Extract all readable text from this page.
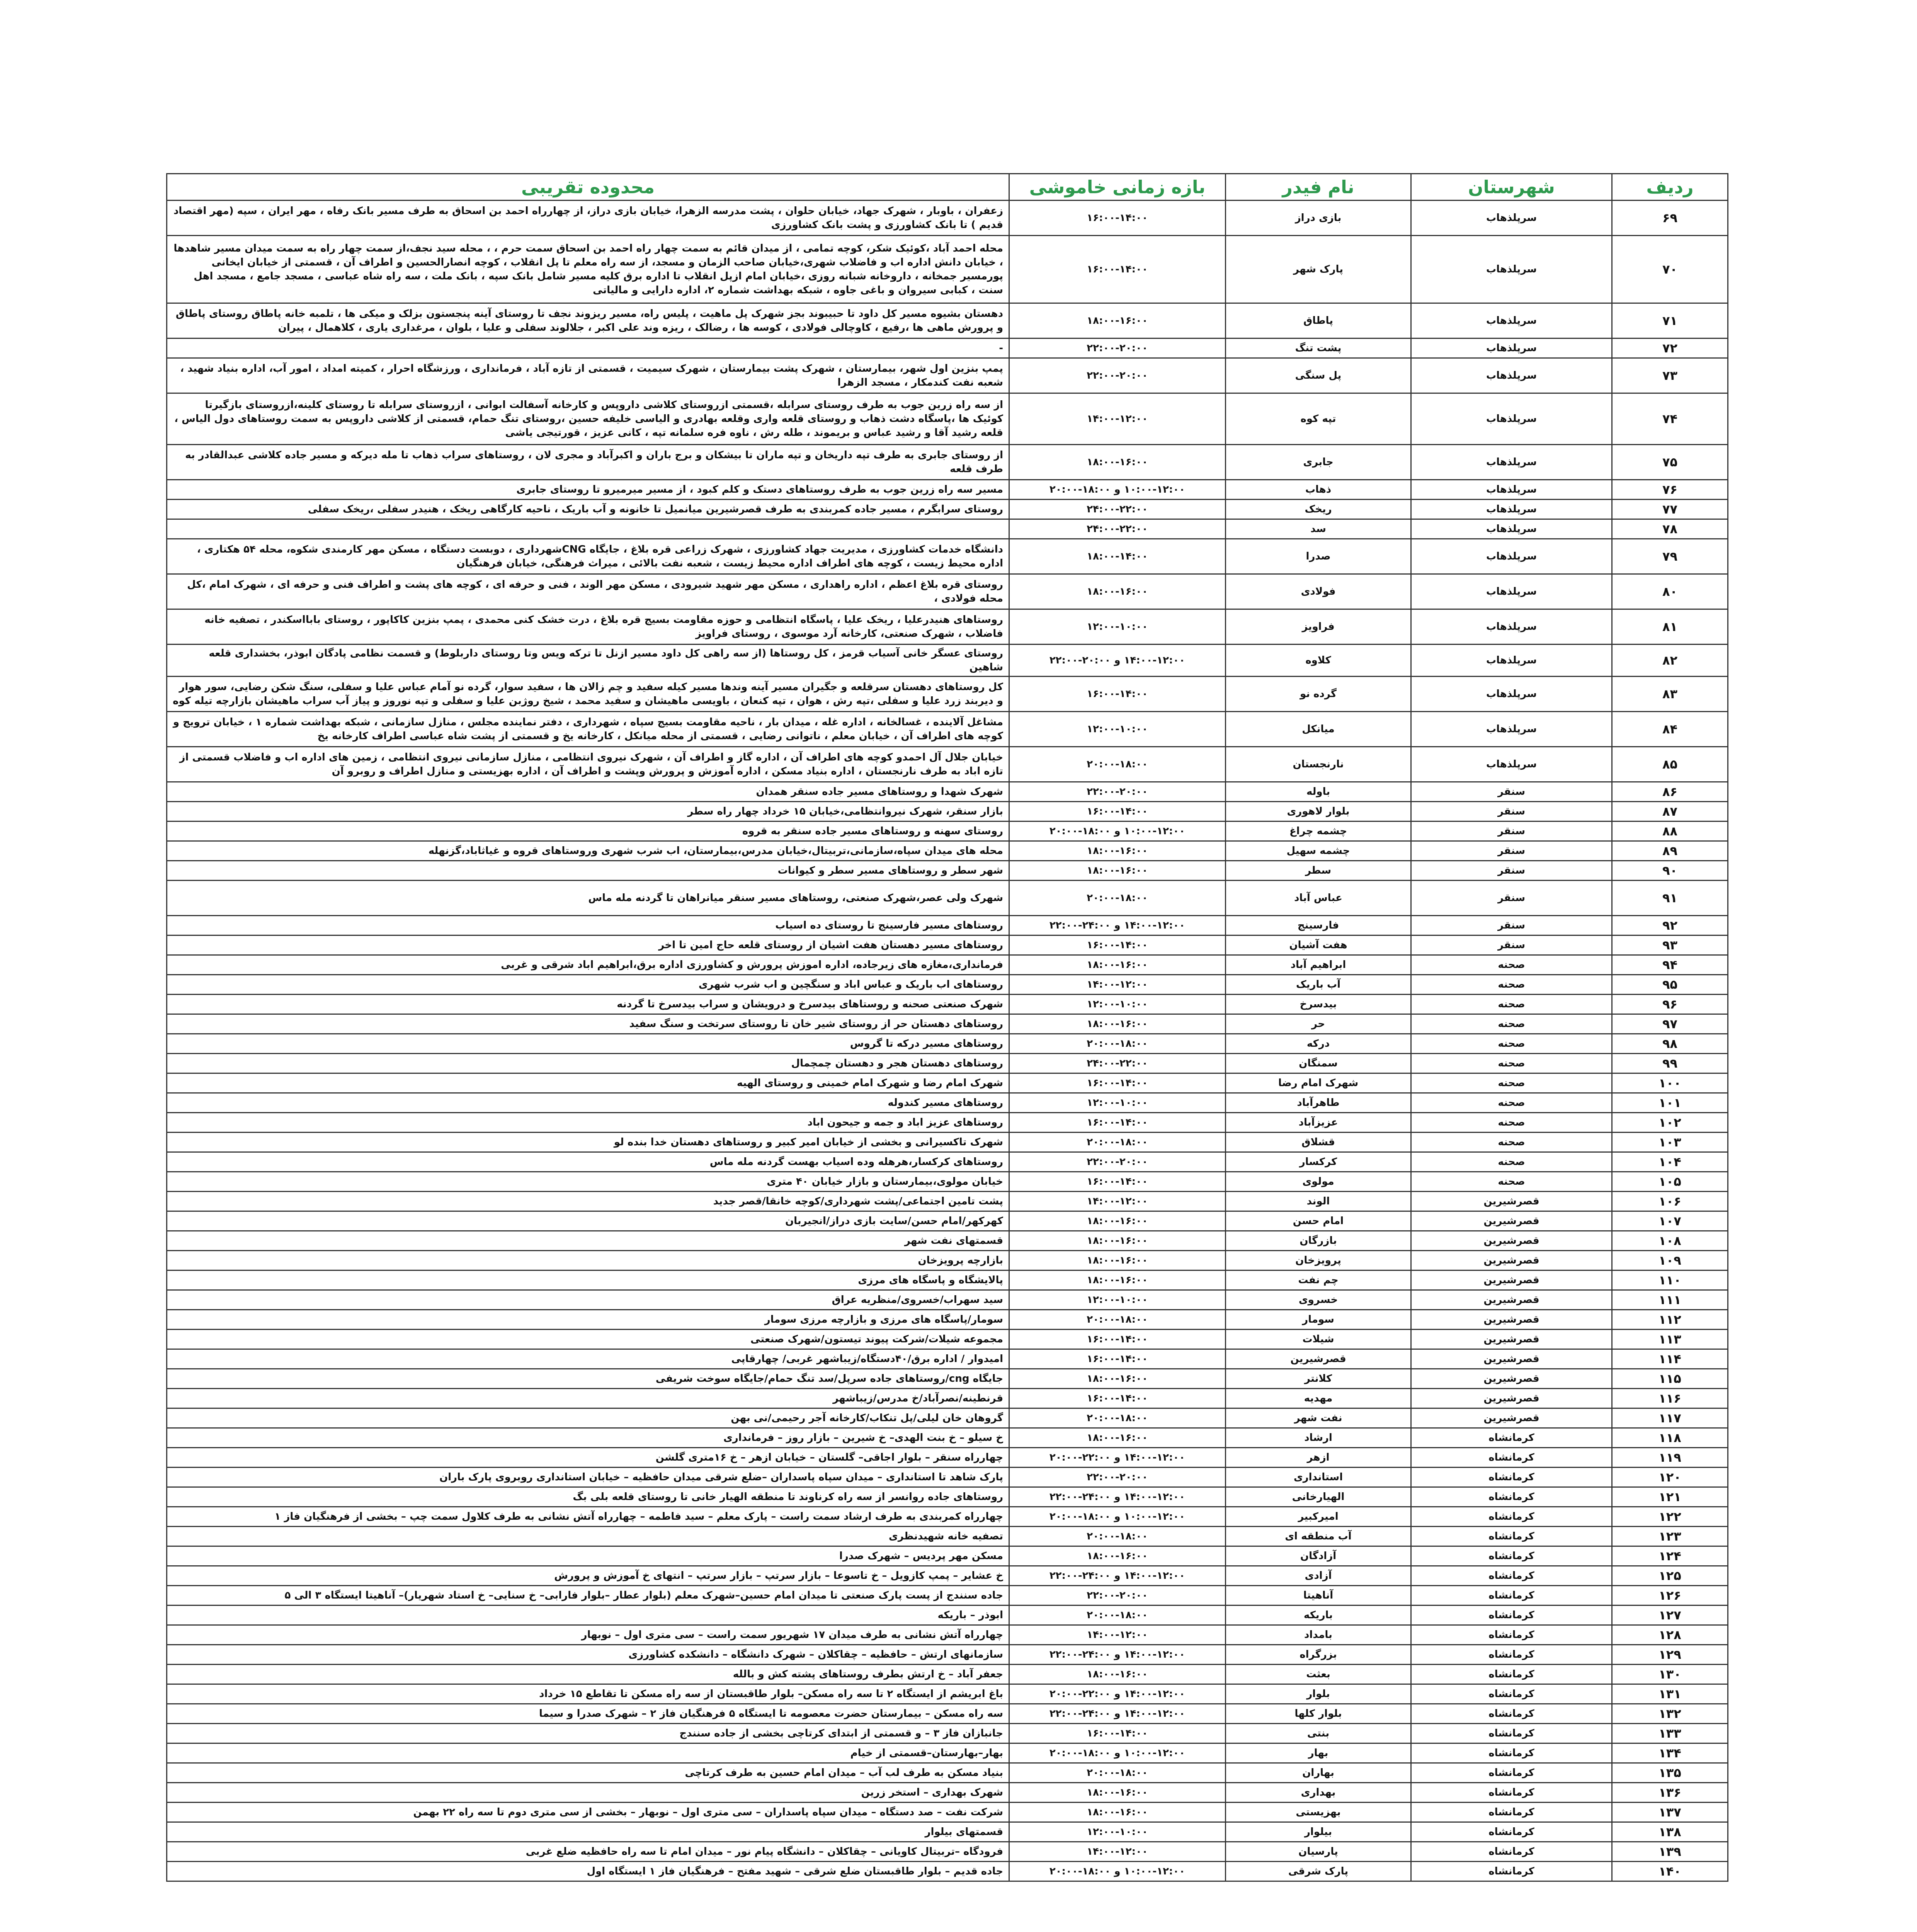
ردیف	شهرستان	نام فیدر	بازه زمانی خاموشی	محدوده تقریبی
۶۹	سرپلذهاب	بازی دراز	۱۶:۰۰-۱۴:۰۰	زعفران ، باوبار ، شهرک جهاد، خیابان حلوان ، پشت مدرسه الزهرا، خیابان بازی دراز، از چهارراه احمد بن اسحاق به طرف مسیر بانک رفاه ، مهر ایران ، سپه (مهر اقتصاد قدیم ) تا بانک کشاورزی و پشت بانک کشاورزی
۷۰	سرپلذهاب	پارک شهر	۱۶:۰۰-۱۴:۰۰	محله احمد آباد ،کوئیک شکر، کوچه تمامی ، از میدان قائم به سمت چهار راه احمد بن اسحاق سمت حرم ، ، محله سید نجف،از سمت چهار راه به سمت میدان مسیر شاهدها ، خیابان دانش اداره اب و فاضلاب شهری،خیابان صاحب الزمان و مسجد، از سه راه معلم تا پل انقلاب ، کوچه انصارالحسین و اطراف آن ، قسمتی از خیابان ایخانی پورمسیر جمخانه ، داروخانه شبانه روزی ،خیابان امام ازپل انقلاب تا اداره برق کلیه مسیر شامل بانک سپه ، بانک ملت ، سه راه شاه عباسی ، مسجد جامع ، مسجد اهل سنت ، کبابی سیروان و باغی جاوه ، شبکه بهداشت شماره ۲، اداره دارایی و مالیاتی
۷۱	سرپلذهاب	پاطاق	۱۸:۰۰-۱۶:۰۰	دهستان بشیوه مسیر کل داود تا حبیبوند بجز شهرک پل ماهیت ، پلیس راه، مسیر ریزوند نجف تا روستای آینه پنجستون بزلک و میکی ها ، تلمبه خانه پاطاق روستای پاطاق و پرورش ماهی ها ،رفیع ، کاوچالی فولادی ، کوسه ها ، رضالک ، ریزه وند علی اکبر ، جلالوند سفلی و علیا ، بلوان ، مرغداری یاری ، کلاهمال ، پیران
۷۲	سرپلذهاب	پشت تنگ	۲۲:۰۰-۲۰:۰۰	-
۷۳	سرپلذهاب	پل سنگی	۲۲:۰۰-۲۰:۰۰	پمپ بنزین اول شهر، بیمارستان ، شهرک پشت بیمارستان ، شهرک سیمیت ، قسمتی از تازه آباد ، فرمانداری ، ورزشگاه احرار ، کمیته امداد ، امور آب، اداره بنیاد شهید ، شعبه نفت کندمکار ، مسجد الزهرا
۷۴	سرپلذهاب	تپه کوه	۱۴:۰۰-۱۲:۰۰	از سه راه زرین جوب به طرف روستای سرابله ،قسمتی ازروستای کلاشی داروپس و کارخانه آسفالت ابوانی ، ازروستای سرابله تا روستای کلینه،ازروستای بازگیرتا کوئیک ها ،پاسگاه دشت ذهاب و روستای قلعه واری وقلعه بهادری و الیاسی خلیفه حسین ،روستای تنگ حمام، قسمتی از کلاشی داروپس به سمت روستاهای دول الیاس ، قلعه رشید آقا و رشید عباس و بریموند ، طله رش ، ناوه فره سلمانه تپه ، کانی عزیز ، قورتیجی یاشی
۷۵	سرپلذهاب	جابری	۱۸:۰۰-۱۶:۰۰	از روستای جابری به طرف تپه داریخان و تپه ماران تا بیشکان و برج باران و اکبرآباد و مجری لان ، روستاهای سراب ذهاب تا مله دیرکه و مسیر جاده کلاشی عبدالقادر به طرف قلعه
۷۶	سرپلذهاب	ذهاب	۱۰:۰۰-۱۲:۰۰ و ۱۸:۰۰-۲۰:۰۰	مسیر سه راه زرین جوب به طرف روستاهای دستک و کلم کبود ، از مسیر میرمیرو تا روستای جابری
۷۷	سرپلذهاب	ریخک	۲۴:۰۰-۲۲:۰۰	روستای سرابگرم ، مسیر جاده کمربندی به طرف قصرشیرین میانمیل تا خانونه و آب باریک ، ناحیه کارگاهی ریخک ، هنیدر سفلی ،ریخک سفلی
۷۸	سرپلذهاب	سد	۲۴:۰۰-۲۲:۰۰	
۷۹	سرپلذهاب	صدرا	۱۸:۰۰-۱۴:۰۰	دانشگاه خدمات کشاورزی ، مدیریت جهاد کشاورزی ، شهرک زراعی قره بلاغ ، جایگاه CNGشهرداری ، دوبست دستگاه ، مسکن مهر کارمندی شکوه، محله ۵۴ هکتاری ، اداره محیط زیست ، کوچه های اطراف اداره محیط زیست ، شعبه نفت بالائی ، میراث فرهنگی، خیابان فرهنگیان
۸۰	سرپلذهاب	فولادی	۱۸:۰۰-۱۶:۰۰	روستای قره بلاغ اعظم ، اداره راهداری ، مسکن مهر شهید شیرودی ، مسکن مهر الوند ، فنی و حرفه ای ، کوچه های پشت و اطراف فنی و حرفه ای ، شهرک امام ،کل محله فولادی ،
۸۱	سرپلذهاب	فراویز	۱۲:۰۰-۱۰:۰۰	روستاهای هنیدرعلیا ، ریخک علیا ، پاسگاه انتظامی و حوزه مقاومت بسیج قره بلاغ ، درت خشک کنی محمدی ، پمپ بنزین کاکاپور ، روستای بابااسکندر ، تصفیه خانه فاضلاب ، شهرک صنعتی، کارخانه آرد موسوی ، روستای فراویز
۸۲	سرپلذهاب	کلاوه	۱۴:۰۰-۱۲:۰۰ و ۲۰:۰۰-۲۲:۰۰	روستای عسگر خانی آسیاب قرمز ، کل روستاها (از سه راهی کل داود مسیر ازنل تا ترکه ویس وتا روستای داربلوط) و قسمت نظامی پادگان ابوذر، بخشداری قلعه شاهین
۸۳	سرپلذهاب	گرده نو	۱۶:۰۰-۱۴:۰۰	کل روستاهای دهستان سرقلعه و جگیران مسیر آینه وندها مسیر کیله سفید و چم زالان ها ، سفید سوار، گرده نو آمام عباس علیا و سفلی، سنگ شکن رضایی، سور هوار و دیربند زرد علیا و سفلی ،تپه رش ، هوان ، تپه کنعان ، باویسی ماهیشان و سفید محمد ، شیخ روژبن علیا و سفلی و تپه نوروز و پیاز آب سراب ماهیشان بازارچه تیله کوه
۸۴	سرپلذهاب	میانکل	۱۲:۰۰-۱۰:۰۰	مشاغل آلاینده ، غسالخانه ، اداره غله ، میدان بار ، ناحیه مقاومت بسیج سپاه ، شهرداری ، دفتر نماینده مجلس ، منازل سازمانی ، شبکه بهداشت شماره ۱ ، خیابان ترویج و کوچه های اطراف آن ، خیابان معلم ، ناتوانی رضایی ، قسمتی از محله میانکل ، کارخانه یخ و قسمتی از پشت شاه عباسی اطراف کارخانه یخ
۸۵	سرپلذهاب	نارنجستان	۲۰:۰۰-۱۸:۰۰	خیابان جلال آل احمدو کوچه های اطراف آن ، اداره گاز و اطراف آن ، شهرک نیروی انتظامی ، منازل سازمانی نیروی انتظامی ، زمین های اداره اب و فاضلاب قسمتی از تازه اباد به طرف نارنجستان ، اداره بنیاد مسکن ، اداره آموزش و پرورش وپشت و اطراف آن ، اداره بهزیستی و منازل اطراف و روبرو آن
۸۶	سنقر	باوله	۲۲:۰۰-۲۰:۰۰	شهرک شهدا و روستاهای مسیر جاده سنقر همدان
۸۷	سنقر	بلوار لاهوری	۱۶:۰۰-۱۴:۰۰	بازار سنقر، شهرک نیروانتظامی،خیابان ۱۵ خرداد چهار راه سطر
۸۸	سنقر	چشمه چراغ	۱۰:۰۰-۱۲:۰۰ و ۱۸:۰۰-۲۰:۰۰	روستای سهنه و روستاهای مسیر جاده سنقر به قروه
۸۹	سنقر	چشمه سهیل	۱۸:۰۰-۱۶:۰۰	محله های میدان سپاه،سازمانی،تربیتال،خیابان مدرس،بیمارستان، اب شرب شهری وروستاهای قروه و غیاثاباد،گزنهله
۹۰	سنقر	سطر	۱۸:۰۰-۱۶:۰۰	شهر سطر و روستاهای مسیر سطر و کیوانات
۹۱	سنقر	عباس آباد	۲۰:۰۰-۱۸:۰۰	شهرک ولی عصر،شهرک صنعتی، روستاهای مسیر سنقر میانراهان تا گردنه مله ماس
۹۲	سنقر	فارسینج	۱۴:۰۰-۱۲:۰۰ و ۲۴:۰۰-۲۲:۰۰	روستاهای مسیر فارسینج تا روستای ده اسیاب
۹۳	سنقر	هفت آشیان	۱۶:۰۰-۱۴:۰۰	روستاهای مسیر دهستان هفت اشیان از روستای قلعه حاج امین تا اخر
۹۴	صحنه	ابراهیم آباد	۱۸:۰۰-۱۶:۰۰	فرمانداری،مغازه های زیرجاده، اداره اموزش پرورش و کشاورزی اداره برق،ابراهیم اباد شرقی و غربی
۹۵	صحنه	آب باریک	۱۴:۰۰-۱۲:۰۰	روستاهای اب باریک و عباس اباد و سنگچین و اب شرب شهری
۹۶	صحنه	بیدسرخ	۱۲:۰۰-۱۰:۰۰	شهرک صنعتی صحنه و روستاهای بیدسرخ و درویشان و سراب بیدسرخ تا گردنه
۹۷	صحنه	حر	۱۸:۰۰-۱۶:۰۰	روستاهای دهستان حر از روستای شیر خان تا روستای سرتخت و سنگ سفید
۹۸	صحنه	درکه	۲۰:۰۰-۱۸:۰۰	روستاهای مسیر درکه تا گروس
۹۹	صحنه	سمنگان	۲۴:۰۰-۲۲:۰۰	روستاهای دهستان هجر و دهستان چمچمال
۱۰۰	صحنه	شهرک امام رضا	۱۶:۰۰-۱۴:۰۰	شهرک امام رضا و شهرک امام خمینی و روستای الهیه
۱۰۱	صحنه	طاهرآباد	۱۲:۰۰-۱۰:۰۰	روستاهای مسیر کندوله
۱۰۲	صحنه	عزیزآباد	۱۶:۰۰-۱۴:۰۰	روستاهای عزیز اباد و جمه و جیحون اباد
۱۰۳	صحنه	قشلاق	۲۰:۰۰-۱۸:۰۰	شهرک تاکسیرانی و بخشی از خیابان امیر کبیر و روستاهای دهستان خدا بنده لو
۱۰۴	صحنه	کرکسار	۲۲:۰۰-۲۰:۰۰	روستاهای کرکسار،هرهله وده اسیاب بهست گردنه مله ماس
۱۰۵	صحنه	مولوی	۱۶:۰۰-۱۴:۰۰	خیابان مولوی،بیمارستان و بازار خیابان ۴۰ متری
۱۰۶	قصرشیرین	الوند	۱۴:۰۰-۱۲:۰۰	پشت تامین اجتماعی/پشت شهرداری/کوچه خانقا/قصر جدید
۱۰۷	قصرشیرین	امام حسن	۱۸:۰۰-۱۶:۰۰	کهرکهر/امام حسن/سایت بازی دراز/انجیربان
۱۰۸	قصرشیرین	بازرگان	۱۸:۰۰-۱۶:۰۰	قسمتهای نفت شهر
۱۰۹	قصرشیرین	پرویزخان	۱۸:۰۰-۱۶:۰۰	بازارچه پرویزخان
۱۱۰	قصرشیرین	چم نفت	۱۸:۰۰-۱۶:۰۰	پالایشگاه و پاسگاه های مرزی
۱۱۱	قصرشیرین	خسروی	۱۲:۰۰-۱۰:۰۰	سید سهراب/خسروی/منظریه عراق
۱۱۲	قصرشیرین	سومار	۲۰:۰۰-۱۸:۰۰	سومار/پاسگاه های مرزی و بازارچه مرزی سومار
۱۱۳	قصرشیرین	شیلات	۱۶:۰۰-۱۴:۰۰	مجموعه شیلات/شرکت پیوند تیستون/شهرک صنعتی
۱۱۴	قصرشیرین	قصرشیرین	۱۶:۰۰-۱۴:۰۰	امیدوار / اداره برق/۴۰دستگاه/زیباشهر غربی/ چهارقاپی
۱۱۵	قصرشیرین	کلانتر	۱۸:۰۰-۱۶:۰۰	جایگاه cng/روستاهای جاده سرپل/سد تنگ حمام/جایگاه سوخت شریفی
۱۱۶	قصرشیرین	مهدیه	۱۶:۰۰-۱۴:۰۰	قرنطینه/نصرآباد/خ مدرس/زیباشهر
۱۱۷	قصرشیرین	نفت شهر	۲۰:۰۰-۱۸:۰۰	گروهان خان لیلی/پل تنکاب/کارخانه آجر رحیمی/نی بهن
۱۱۸	کرمانشاه	ارشاد	۱۸:۰۰-۱۶:۰۰	خ سیلو – خ بنت الهدی– خ شیرین – بازار روز – فرمانداری
۱۱۹	کرمانشاه	ازهر	۱۴:۰۰-۱۲:۰۰ و ۲۲:۰۰-۲۰:۰۰	چهارراه سنقر – بلوار اجاقی– گلستان – خیابان ازهر – خ ۱۶متری گلشن
۱۲۰	کرمانشاه	استانداری	۲۲:۰۰-۲۰:۰۰	پارک شاهد تا استانداری – میدان سپاه پاسداران –ضلع شرقی میدان حافظیه – خیابان استانداری روبروی پارک باران
۱۲۱	کرمانشاه	الهیارخانی	۱۴:۰۰-۱۲:۰۰ و ۲۴:۰۰-۲۲:۰۰	روستاهای جاده روانسر از سه راه کرناوند تا منطقه الهیار خانی تا روستای قلعه بلی بگ
۱۲۲	کرمانشاه	امیرکبیر	۱۰:۰۰-۱۲:۰۰ و ۱۸:۰۰-۲۰:۰۰	چهارراه کمربندی به طرف ارشاد سمت راست – پارک معلم – سید فاطمه – چهارراه آتش نشانی به طرف کلاول سمت چپ – بخشی از فرهنگیان فاز ۱
۱۲۳	کرمانشاه	آب منطقه ای	۲۰:۰۰-۱۸:۰۰	تصفیه خانه شهیدنظری
۱۲۴	کرمانشاه	آزادگان	۱۸:۰۰-۱۶:۰۰	مسکن مهر پردیس – شهرک صدرا
۱۲۵	کرمانشاه	آزادی	۱۴:۰۰-۱۲:۰۰ و ۲۴:۰۰-۲۲:۰۰	خ عشایر – پمپ کازویل – خ تاسوعا – بازار سرتپ – بازار سرتپ – انتهای خ آموزش و پرورش
۱۲۶	کرمانشاه	آناهیتا	۲۲:۰۰-۲۰:۰۰	جاده سنندج از پست پارک صنعتی تا میدان امام حسین–شهرک معلم (بلوار عطار –بلوار فارابی– خ سنایی– خ استاد شهریار)– آناهیتا ایستگاه ۳ الی ۵
۱۲۷	کرمانشاه	باریکه	۲۰:۰۰-۱۸:۰۰	ابوذر – باریکه
۱۲۸	کرمانشاه	بامداد	۱۴:۰۰-۱۲:۰۰	چهارراه آتش نشانی به طرف میدان ۱۷ شهریور سمت راست – سی متری اول – نوبهار
۱۲۹	کرمانشاه	بزرگراه	۱۴:۰۰-۱۲:۰۰ و ۲۴:۰۰-۲۲:۰۰	سازمانهای ارتش – حافظیه – چقاکلان – شهرک دانشگاه – دانشکده کشاورزی
۱۳۰	کرمانشاه	بعثت	۱۸:۰۰-۱۶:۰۰	جعفر آباد – خ ارتش بطرف روستاهای پشته کش و بالله
۱۳۱	کرمانشاه	بلوار	۱۴:۰۰-۱۲:۰۰ و ۲۲:۰۰-۲۰:۰۰	باغ ابریشم از ایستگاه ۲ تا سه راه مسکن– بلوار طاقبستان از سه راه مسکن تا تقاطع ۱۵ خرداد
۱۳۲	کرمانشاه	بلوار کلها	۱۴:۰۰-۱۲:۰۰ و ۲۴:۰۰-۲۲:۰۰	سه راه مسکن – بیمارستان حضرت معصومه تا ایستگاه ۵ فرهنگیان فاز ۲ – شهرک صدرا و سیما
۱۳۳	کرمانشاه	بنتی	۱۶:۰۰-۱۴:۰۰	جانبازان فاز ۳ – و قسمتی از ابتدای کرتاچی بخشی از جاده سنندج
۱۳۴	کرمانشاه	بهار	۱۰:۰۰-۱۲:۰۰ و ۱۸:۰۰-۲۰:۰۰	بهار–بهارستان–قسمتی از خیام
۱۳۵	کرمانشاه	بهاران	۲۰:۰۰-۱۸:۰۰	بنیاد مسکن به طرف لب آب – میدان امام حسین به طرف کرتاچی
۱۳۶	کرمانشاه	بهداری	۱۸:۰۰-۱۶:۰۰	شهرک بهداری – استخر زرین
۱۳۷	کرمانشاه	بهزیستی	۱۸:۰۰-۱۶:۰۰	شرکت نفت – صد دستگاه – میدان سپاه پاسداران – سی متری اول – نوبهار – بخشی از سی متری دوم تا سه راه ۲۲ بهمن
۱۳۸	کرمانشاه	بیلوار	۱۲:۰۰-۱۰:۰۰	قسمتهای بیلوار
۱۳۹	کرمانشاه	پارسیان	۱۴:۰۰-۱۲:۰۰	فرودگاه –تربیتال کاویانی – چقاکلان – دانشگاه پیام نور – میدان امام تا سه راه حافظیه ضلع غربی
۱۴۰	کرمانشاه	پارک شرقی	۱۰:۰۰-۱۲:۰۰ و ۱۸:۰۰-۲۰:۰۰	جاده قدیم – بلوار طاقبستان ضلع شرقی – شهید مفتح – فرهنگیان فاز ۱ ایستگاه اول
